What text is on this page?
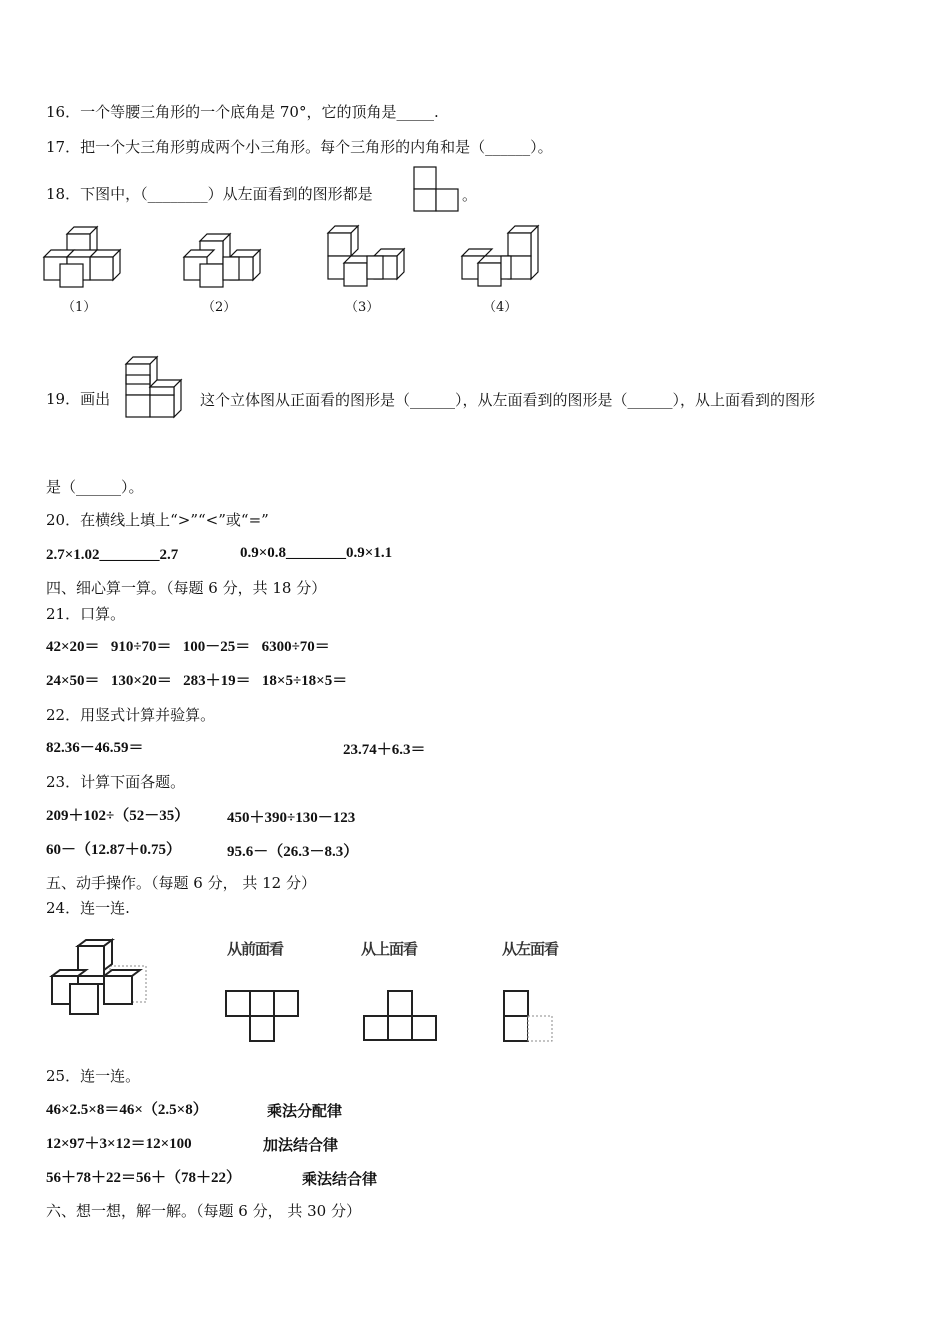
16．一个等腰三角形的一个底角是 70°，它的顶角是_____.
17．把一个大三角形剪成两个小三角形。每个三角形的内角和是（______）。
18．下图中，（________）从左面看到的图形都是	。
（1）	（2）	（3）	（4）
19．画出	这个立体图从正面看的图形是（______），从左面看到的图形是（______），从上面看到的图形
是（______）。
20．在横线上填上“>”“<”或“=”
2.7×1.02________2.7	0.9×0.8________0.9×1.1
四、细心算一算。（每题 6 分，共 18 分）
21．口算。
42×20＝ 910÷70＝ 100－25＝ 6300÷70＝
24×50＝ 130×20＝ 283＋19＝ 18×5÷18×5＝
22．用竖式计算并验算。
82.36－46.59＝	23.74＋6.3＝
23．计算下面各题。
209＋102÷（52－35）	450＋390÷130－123
60－（12.87＋0.75）	95.6－（26.3－8.3）
五、动手操作。（每题 6 分， 共 12 分）
24．连一连.
从前面看	从上面看	从左面看
25．连一连。
46×2.5×8＝46×（2.5×8）	乘法分配律
12×97＋3×12＝12×100	加法结合律
56＋78＋22＝56＋（78＋22）	乘法结合律
六、想一想，解一解。（每题 6 分， 共 30 分）
